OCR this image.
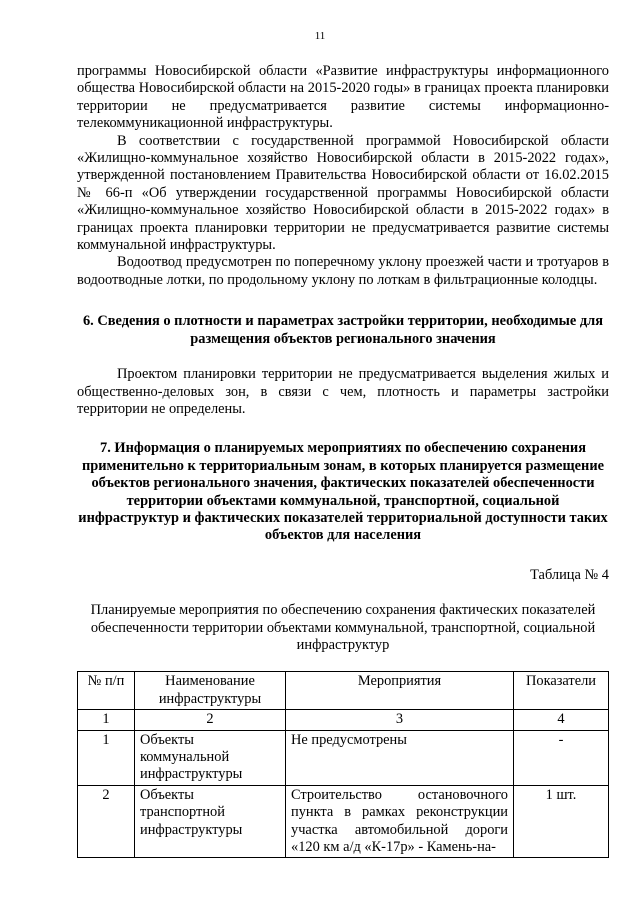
11

программы Новосибирской области «Развитие инфраструктуры информационного общества Новосибирской области на 2015-2020 годы» в границах проекта планировки территории не предусматривается развитие системы информационно-телекоммуникационной инфраструктуры.

В соответствии с государственной программой Новосибирской области «Жилищно-коммунальное хозяйство Новосибирской области в 2015-2022 годах», утвержденной постановлением Правительства Новосибирской области от 16.02.2015 № 66-п «Об утверждении государственной программы Новосибирской области «Жилищно-коммунальное хозяйство Новосибирской области в 2015-2022 годах» в границах проекта планировки территории не предусматривается развитие системы коммунальной инфраструктуры.

Водоотвод предусмотрен по поперечному уклону проезжей части и тротуаров в водоотводные лотки, по продольному уклону по лоткам в фильтрационные колодцы.

6. Сведения о плотности и параметрах застройки территории, необходимые для размещения объектов регионального значения

Проектом планировки территории не предусматривается выделения жилых и общественно-деловых зон, в связи с чем, плотность и параметры застройки территории не определены.

7. Информация о планируемых мероприятиях по обеспечению сохранения применительно к территориальным зонам, в которых планируется размещение объектов регионального значения, фактических показателей обеспеченности территории объектами коммунальной, транспортной, социальной инфраструктур и фактических показателей территориальной доступности таких объектов для населения

Таблица № 4

Планируемые мероприятия по обеспечению сохранения фактических показателей обеспеченности территории объектами коммунальной, транспортной, социальной инфраструктур

№ п/п	Наименование инфраструктуры	Мероприятия	Показатели
1	2	3	4
1	Объекты коммунальной инфраструктуры	Не предусмотрены	-
2	Объекты транспортной инфраструктуры	Строительство остановочного пункта в рамках реконструкции участка автомобильной дороги «120 км а/д «К-17р» - Камень-на-	1 шт.
